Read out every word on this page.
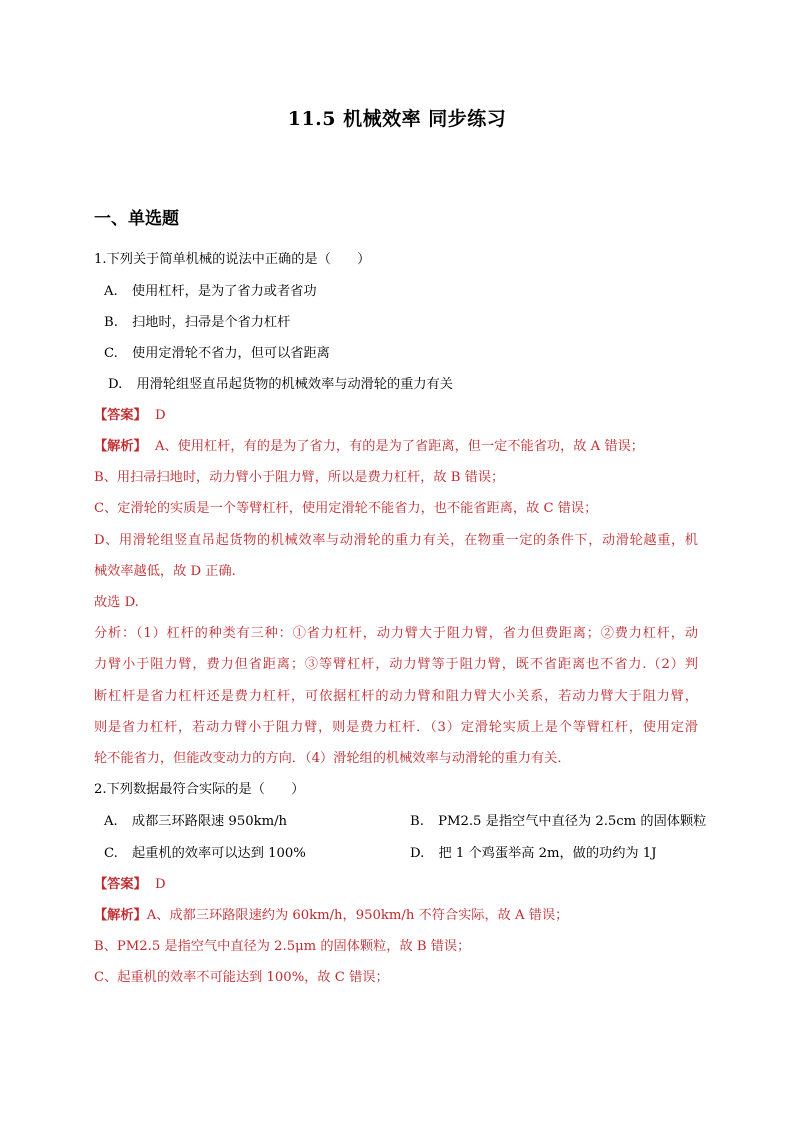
11.5 机械效率 同步练习
一、单选题
1.下列关于简单机械的说法中正确的是（　　）
A. 使用杠杆，是为了省力或者省功
B. 扫地时，扫帚是个省力杠杆
C. 使用定滑轮不省力，但可以省距离
D. 用滑轮组竖直吊起货物的机械效率与动滑轮的重力有关
【答案】 D
【解析】 A、使用杠杆，有的是为了省力，有的是为了省距离，但一定不能省功，故 A 错误；
B、用扫帚扫地时，动力臂小于阻力臂，所以是费力杠杆，故 B 错误；
C、定滑轮的实质是一个等臂杠杆，使用定滑轮不能省力，也不能省距离，故 C 错误；
D、用滑轮组竖直吊起货物的机械效率与动滑轮的重力有关，在物重一定的条件下，动滑轮越重，机
械效率越低，故 D 正确.
故选 D.
分析：（1）杠杆的种类有三种：①省力杠杆，动力臂大于阻力臂，省力但费距离；②费力杠杆，动
力臂小于阻力臂，费力但省距离；③等臂杠杆，动力臂等于阻力臂，既不省距离也不省力.（2）判
断杠杆是省力杠杆还是费力杠杆，可依据杠杆的动力臂和阻力臂大小关系，若动力臂大于阻力臂，
则是省力杠杆，若动力臂小于阻力臂，则是费力杠杆．（3）定滑轮实质上是个等臂杠杆，使用定滑
轮不能省力，但能改变动力的方向．（4）滑轮组的机械效率与动滑轮的重力有关．
2.下列数据最符合实际的是（　　）
A. 成都三环路限速 950km/h	B. PM2.5 是指空气中直径为 2.5cm 的固体颗粒
C. 起重机的效率可以达到 100%	D. 把 1 个鸡蛋举高 2m，做的功约为 1J
【答案】 D
【解析】A、成都三环路限速约为 60km/h，950km/h 不符合实际，故 A 错误；
B、PM2.5 是指空气中直径为 2.5μm 的固体颗粒，故 B 错误；
C、起重机的效率不可能达到 100%，故 C 错误；
